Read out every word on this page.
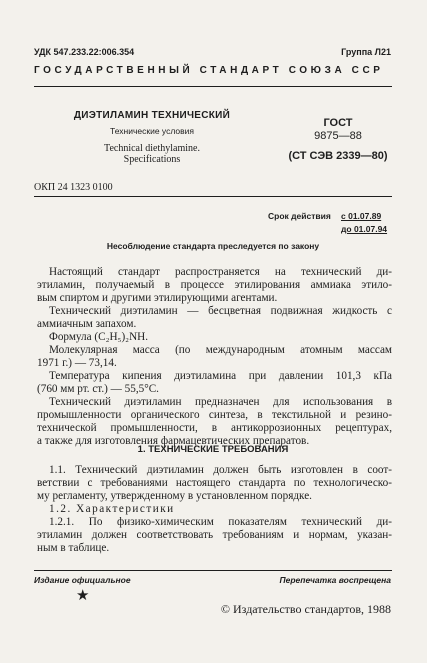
УДК 547.233.22:006.354	Группа Л21
ГОСУДАРСТВЕННЫЙ СТАНДАРТ СОЮЗА ССР
ДИЭТИЛАМИН ТЕХНИЧЕСКИЙ
Технические условия
Technical diethylamine.
Specifications
ГОСТ
9875—88
(СТ СЭВ 2339—80)
ОКП 24 1323 0100
Срок действия с 01.07.89
до 01.07.94
Несоблюдение стандарта преследуется по закону

Настоящий стандарт распространяется на технический ди-

этиламин, получаемый в процессе этилирования аммиака этило-

вым спиртом и другими этилирующими агентами.

Технический диэтиламин — бесцветная подвижная жидкость с

аммиачным запахом.

Формула (C₂H₅)₂NH.

Молекулярная масса (по международным атомным массам

1971 г.) — 73,14.

Температура кипения диэтиламина при давлении 101,3 кПа

(760 мм рт. ст.) — 55,5°С.

Технический диэтиламин предназначен для использования в

промышленности органического синтеза, в текстильной и резино-

технической промышленности, в антикоррозионных рецептурах,

а также для изготовления фармацевтических препаратов.

1. ТЕХНИЧЕСКИЕ ТРЕБОВАНИЯ

1.1. Технический диэтиламин должен быть изготовлен в соот-

ветствии с требованиями настоящего стандарта по технологическо-

му регламенту, утвержденному в установленном порядке.

1.2. Характеристики

1.2.1. По физико-химическим показателям технический ди-

этиламин должен соответствовать требованиям и нормам, указан-

ным в таблице.

Издание официальное	Перепечатка воспрещена
★
© Издательство стандартов, 1988
